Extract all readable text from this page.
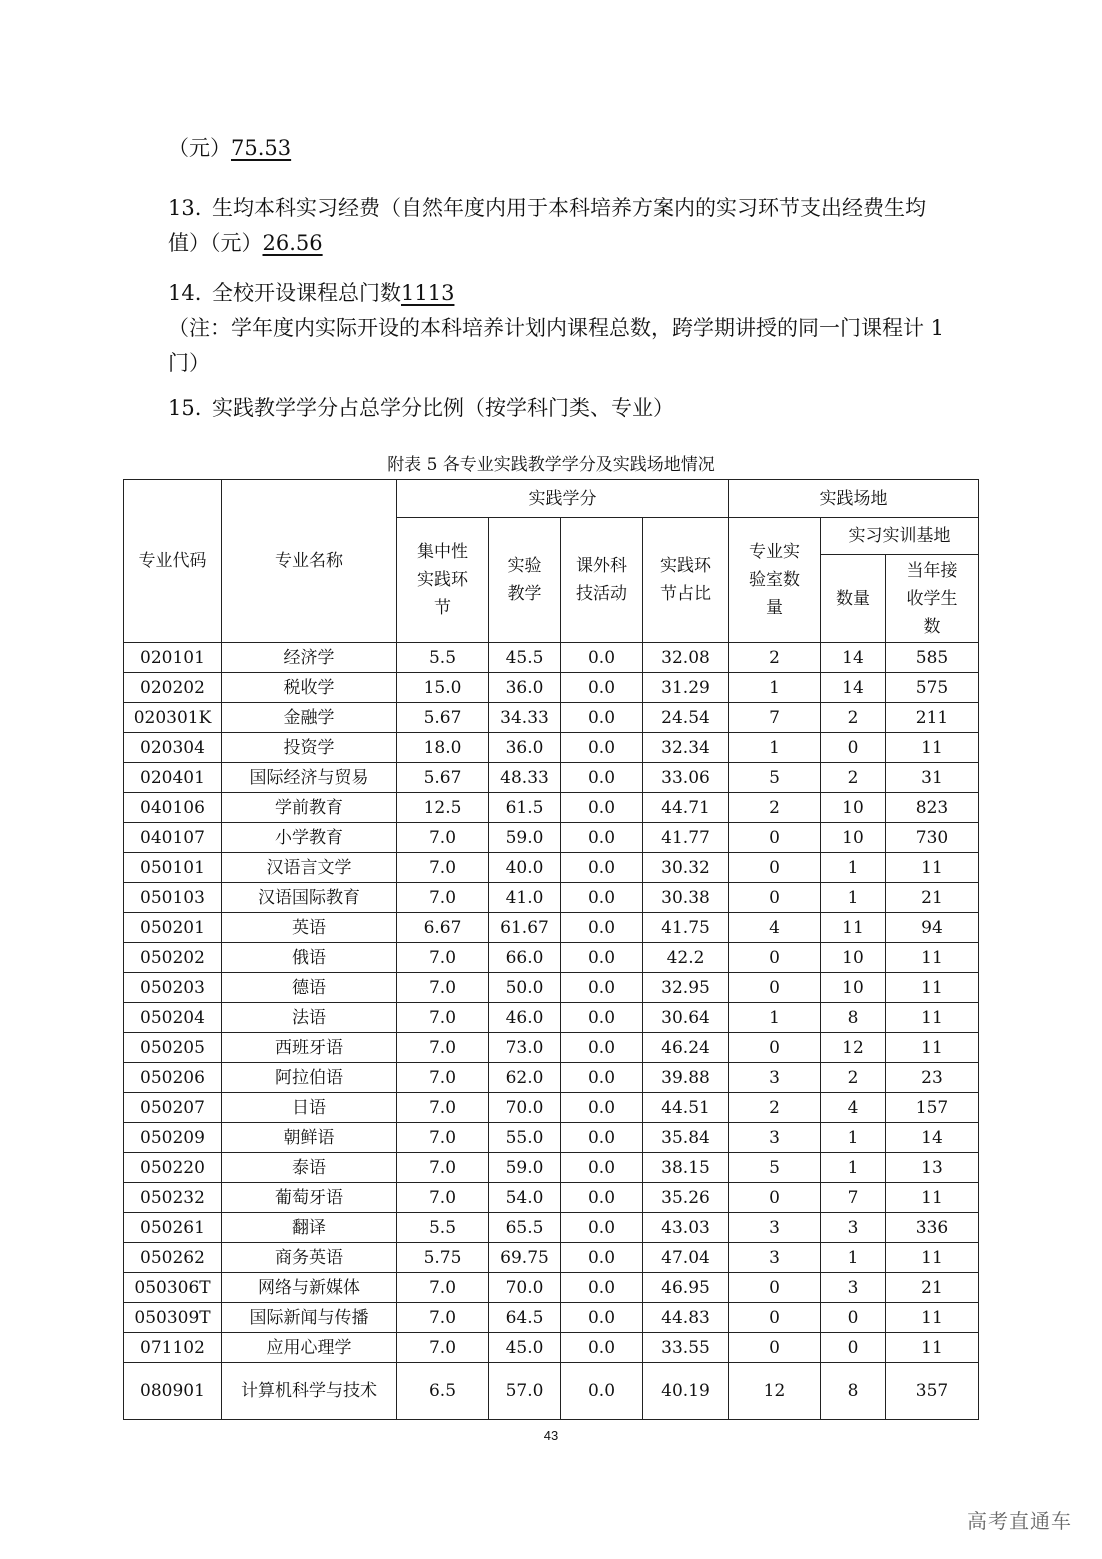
（元）75.53
13. 生均本科实习经费（自然年度内用于本科培养方案内的实习环节支出经费生均值）（元）26.56
14. 全校开设课程总门数1113
（注：学年度内实际开设的本科培养计划内课程总数，跨学期讲授的同一门课程计 1 门）
15. 实践教学学分占总学分比例（按学科门类、专业）
附表 5 各专业实践教学学分及实践场地情况
专业代码	专业名称	实践学分				实践场地		

		集中性实践环节	实验教学	课外科技活动	实践环节占比	专业实验室数量	实习实训基地	
							数量	当年接收学生数

020101	经济学	5.5	45.5	0.0	32.08	2	14	585
020202	税收学	15.0	36.0	0.0	31.29	1	14	575
020301K	金融学	5.67	34.33	0.0	24.54	7	2	211
020304	投资学	18.0	36.0	0.0	32.34	1	0	11
020401	国际经济与贸易	5.67	48.33	0.0	33.06	5	2	31
040106	学前教育	12.5	61.5	0.0	44.71	2	10	823
040107	小学教育	7.0	59.0	0.0	41.77	0	10	730
050101	汉语言文学	7.0	40.0	0.0	30.32	0	1	11
050103	汉语国际教育	7.0	41.0	0.0	30.38	0	1	21
050201	英语	6.67	61.67	0.0	41.75	4	11	94
050202	俄语	7.0	66.0	0.0	42.2	0	10	11
050203	德语	7.0	50.0	0.0	32.95	0	10	11
050204	法语	7.0	46.0	0.0	30.64	1	8	11
050205	西班牙语	7.0	73.0	0.0	46.24	0	12	11
050206	阿拉伯语	7.0	62.0	0.0	39.88	3	2	23
050207	日语	7.0	70.0	0.0	44.51	2	4	157
050209	朝鲜语	7.0	55.0	0.0	35.84	3	1	14
050220	泰语	7.0	59.0	0.0	38.15	5	1	13
050232	葡萄牙语	7.0	54.0	0.0	35.26	0	7	11
050261	翻译	5.5	65.5	0.0	43.03	3	3	336
050262	商务英语	5.75	69.75	0.0	47.04	3	1	11
050306T	网络与新媒体	7.0	70.0	0.0	46.95	0	3	21
050309T	国际新闻与传播	7.0	64.5	0.0	44.83	0	0	11
071102	应用心理学	7.0	45.0	0.0	33.55	0	0	11
080901	计算机科学与技术	6.5	57.0	0.0	40.19	12	8	357
43
高考直通车
